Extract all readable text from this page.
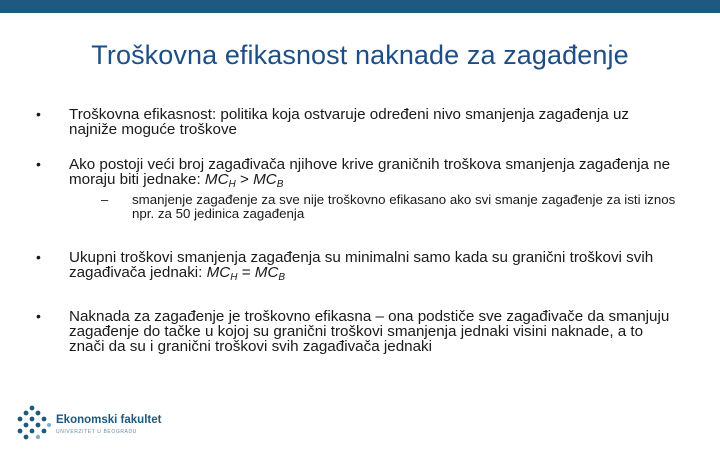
Troškovna efikasnost naknade za zagađenje
•	Troškovna efikasnost: politika koja ostvaruje određeni nivo smanjenja zagađenja uz najniže moguće troškove
•	Ako postoji veći broj zagađivača njihove krive graničnih troškova smanjenja zagađenja ne moraju biti jednake: $MC_H > MC_B$
–	smanjenje zagađenje za sve nije troškovno efikasano ako svi smanje zagađenje za isti iznos npr. za 50 jedinica zagađenja
•	Ukupni troškovi smanjenja zagađenja su minimalni samo kada su granični troškovi svih zagađivača jednaki: $MC_H = MC_B$
•	Naknada za zagađenje je troškovno efikasna – ona podstiče sve zagađivače da smanjuju zagađenje do tačke u kojoj su granični troškovi smanjenja jednaki visini naknade, a to znači da su i granični troškovi svih zagađivača jednaki
Ekonomski fakultet
UNIVERZITET U BEOGRADU
